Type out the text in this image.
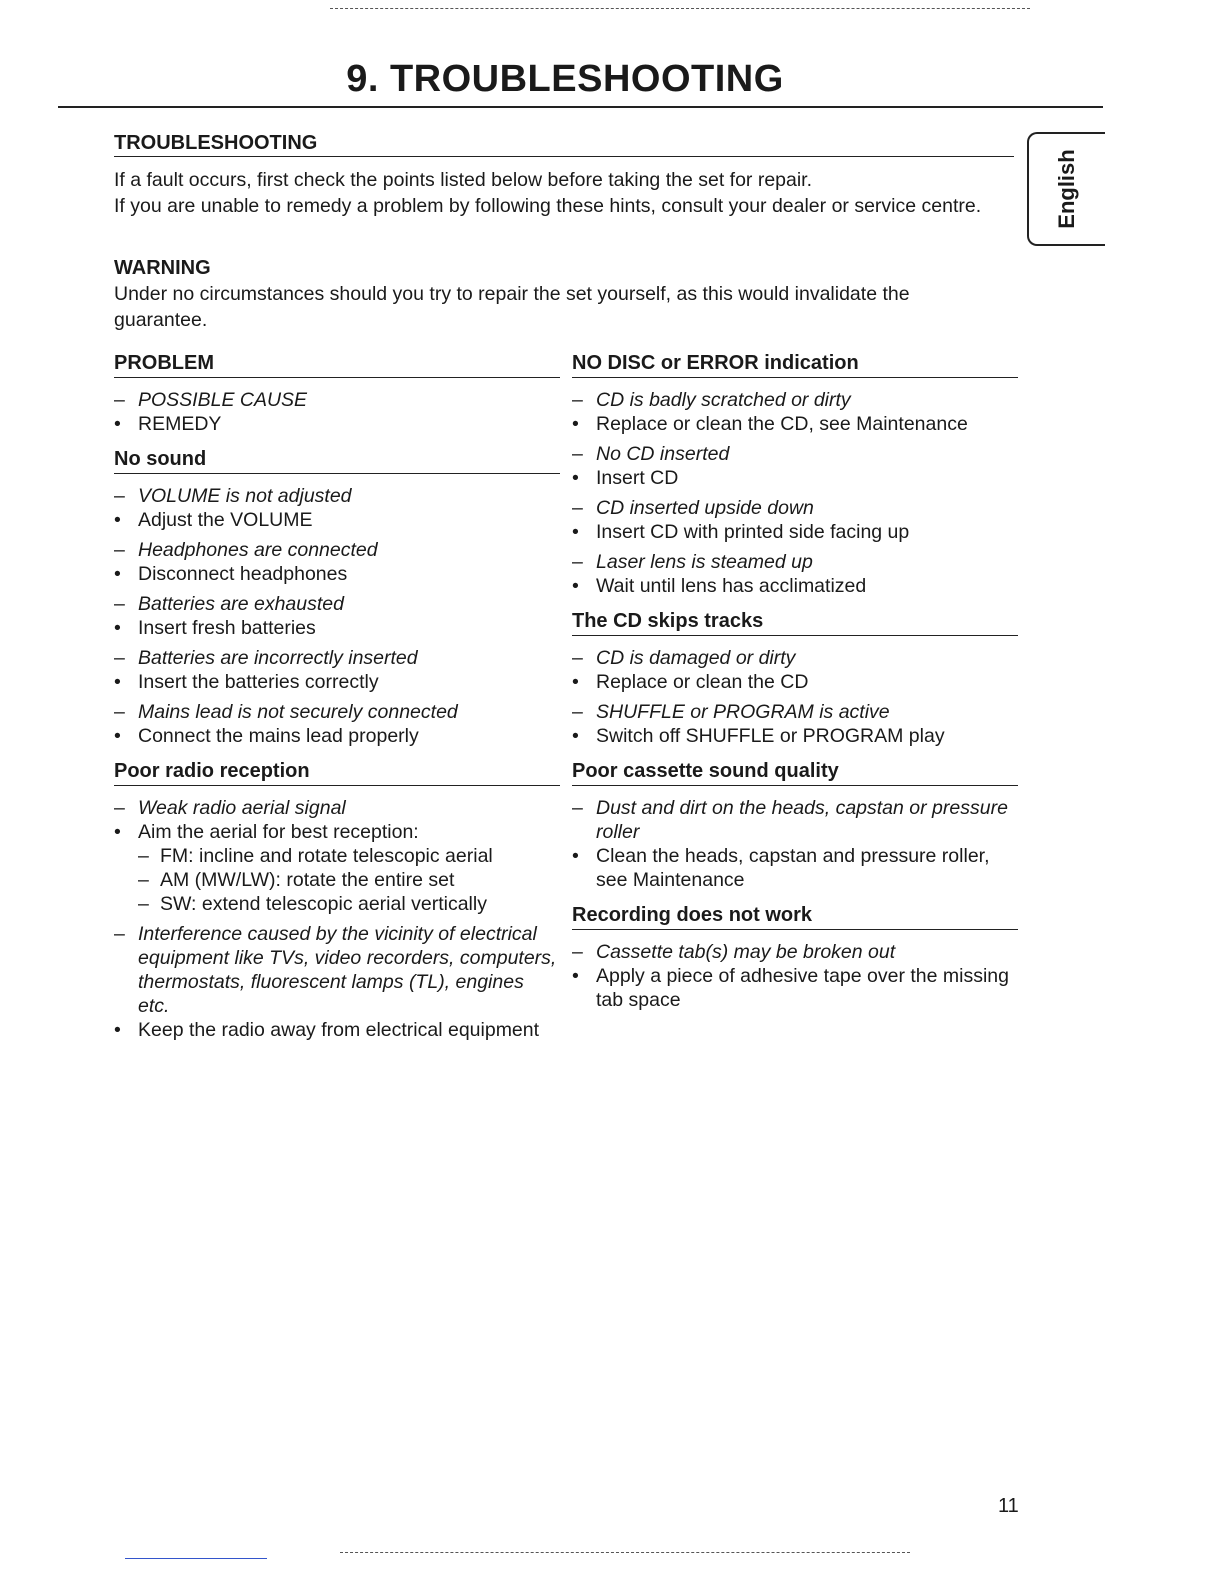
9. TROUBLESHOOTING
English
TROUBLESHOOTING
If a fault occurs, first check the points listed below before taking the set for repair.
If you are unable to remedy a problem by following these hints, consult your dealer or service centre.
WARNING
Under no circumstances should you try to repair the set yourself, as this would invalidate the guarantee.
PROBLEM
– POSSIBLE CAUSE
• REMEDY
No sound
– VOLUME is not adjusted
• Adjust the VOLUME
– Headphones are connected
• Disconnect headphones
– Batteries are exhausted
• Insert fresh batteries
– Batteries are incorrectly inserted
• Insert the batteries correctly
– Mains lead is not securely connected
• Connect the mains lead properly
Poor radio reception
– Weak radio aerial signal
• Aim the aerial for best reception:
– FM: incline and rotate telescopic aerial
– AM (MW/LW): rotate the entire set
– SW: extend telescopic aerial vertically
– Interference caused by the vicinity of electrical equipment like TVs, video recorders, computers, thermostats, fluorescent lamps (TL), engines etc.
• Keep the radio away from electrical equipment
NO DISC or ERROR indication
– CD is badly scratched or dirty
• Replace or clean the CD, see Maintenance
– No CD inserted
• Insert CD
– CD inserted upside down
• Insert CD with printed side facing up
– Laser lens is steamed up
• Wait until lens has acclimatized
The CD skips tracks
– CD is damaged or dirty
• Replace or clean the CD
– SHUFFLE or PROGRAM is active
• Switch off SHUFFLE or PROGRAM play
Poor cassette sound quality
– Dust and dirt on the heads, capstan or pressure roller
• Clean the heads, capstan and pressure roller, see Maintenance
Recording does not work
– Cassette tab(s) may be broken out
• Apply a piece of adhesive tape over the missing tab space
11
